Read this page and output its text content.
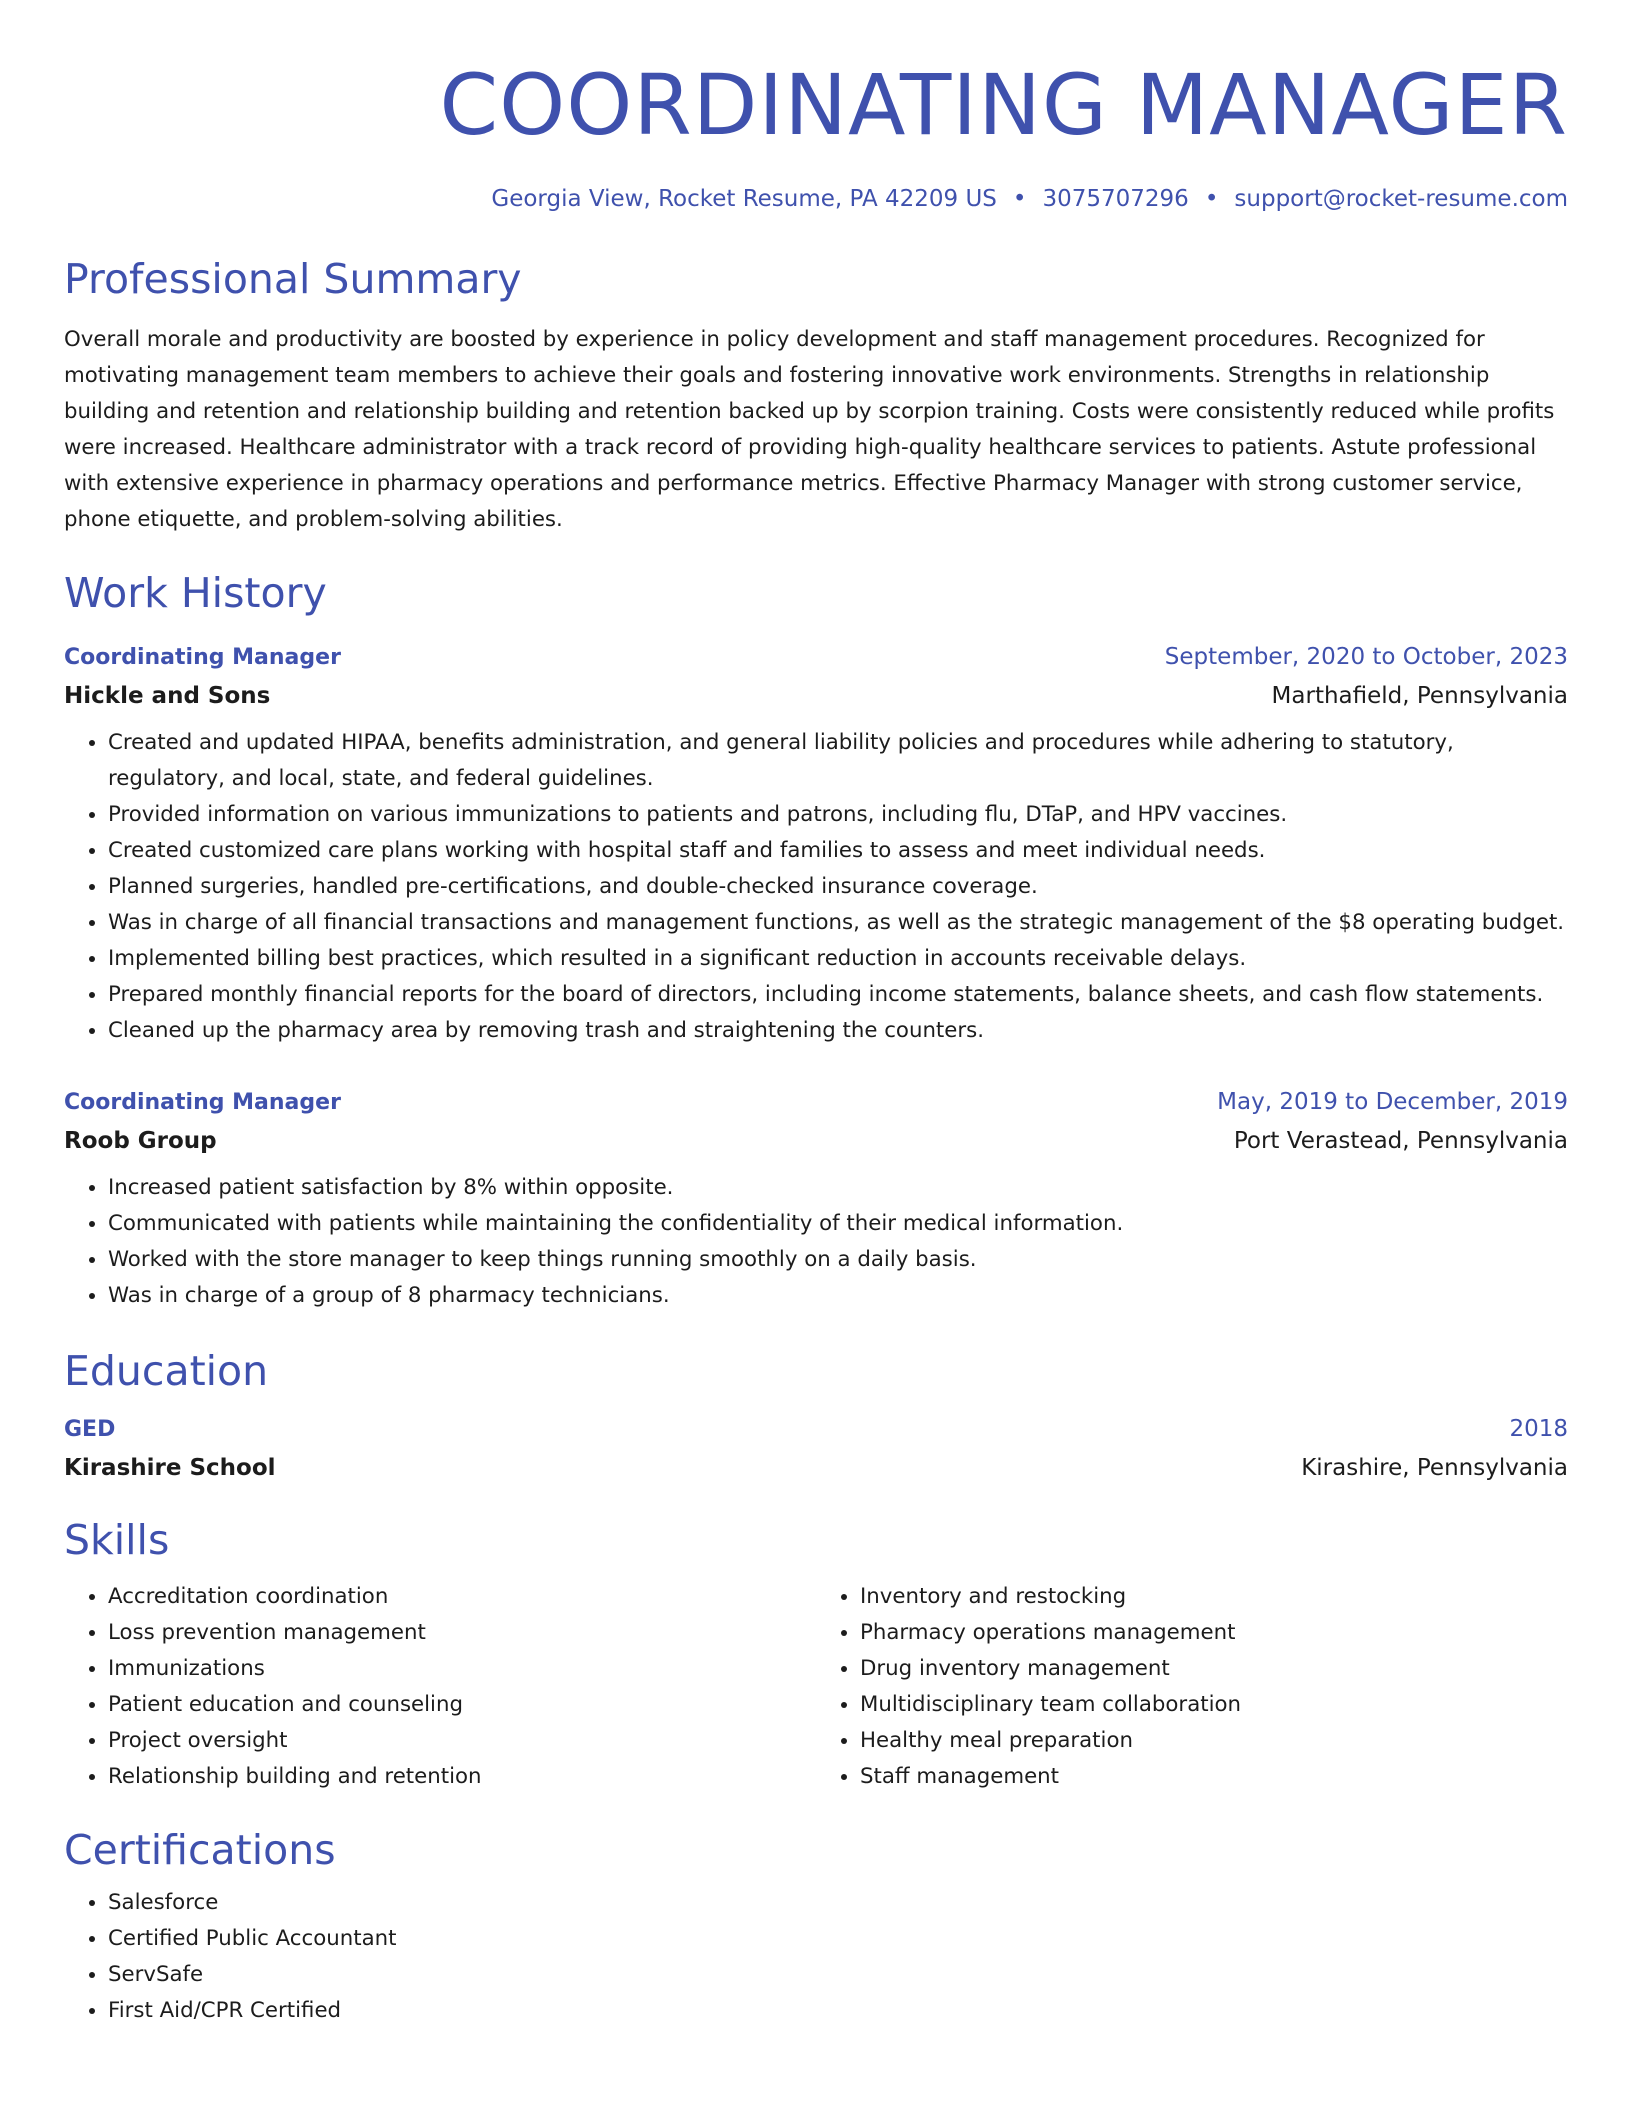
COORDINATING MANAGER
Georgia View, Rocket Resume, PA 42209 US • 3075707296 • support@rocket-resume.com
Professional Summary
Overall morale and productivity are boosted by experience in policy development and staff management procedures. Recognized for motivating management team members to achieve their goals and fostering innovative work environments. Strengths in relationship building and retention and relationship building and retention backed up by scorpion training. Costs were consistently reduced while profits were increased. Healthcare administrator with a track record of providing high-quality healthcare services to patients. Astute professional with extensive experience in pharmacy operations and performance metrics. Effective Pharmacy Manager with strong customer service, phone etiquette, and problem-solving abilities.
Work History
Coordinating Manager	September, 2020 to October, 2023
Hickle and Sons	Marthafield, Pennsylvania
• Created and updated HIPAA, benefits administration, and general liability policies and procedures while adhering to statutory, regulatory, and local, state, and federal guidelines.
• Provided information on various immunizations to patients and patrons, including flu, DTaP, and HPV vaccines.
• Created customized care plans working with hospital staff and families to assess and meet individual needs.
• Planned surgeries, handled pre-certifications, and double-checked insurance coverage.
• Was in charge of all financial transactions and management functions, as well as the strategic management of the $8 operating budget.
• Implemented billing best practices, which resulted in a significant reduction in accounts receivable delays.
• Prepared monthly financial reports for the board of directors, including income statements, balance sheets, and cash flow statements.
• Cleaned up the pharmacy area by removing trash and straightening the counters.
Coordinating Manager	May, 2019 to December, 2019
Roob Group	Port Verastead, Pennsylvania
• Increased patient satisfaction by 8% within opposite.
• Communicated with patients while maintaining the confidentiality of their medical information.
• Worked with the store manager to keep things running smoothly on a daily basis.
• Was in charge of a group of 8 pharmacy technicians.
Education
GED	2018
Kirashire School	Kirashire, Pennsylvania
Skills
• Accreditation coordination
• Loss prevention management
• Immunizations
• Patient education and counseling
• Project oversight
• Relationship building and retention
• Inventory and restocking
• Pharmacy operations management
• Drug inventory management
• Multidisciplinary team collaboration
• Healthy meal preparation
• Staff management
Certifications
• Salesforce
• Certified Public Accountant
• ServSafe
• First Aid/CPR Certified
